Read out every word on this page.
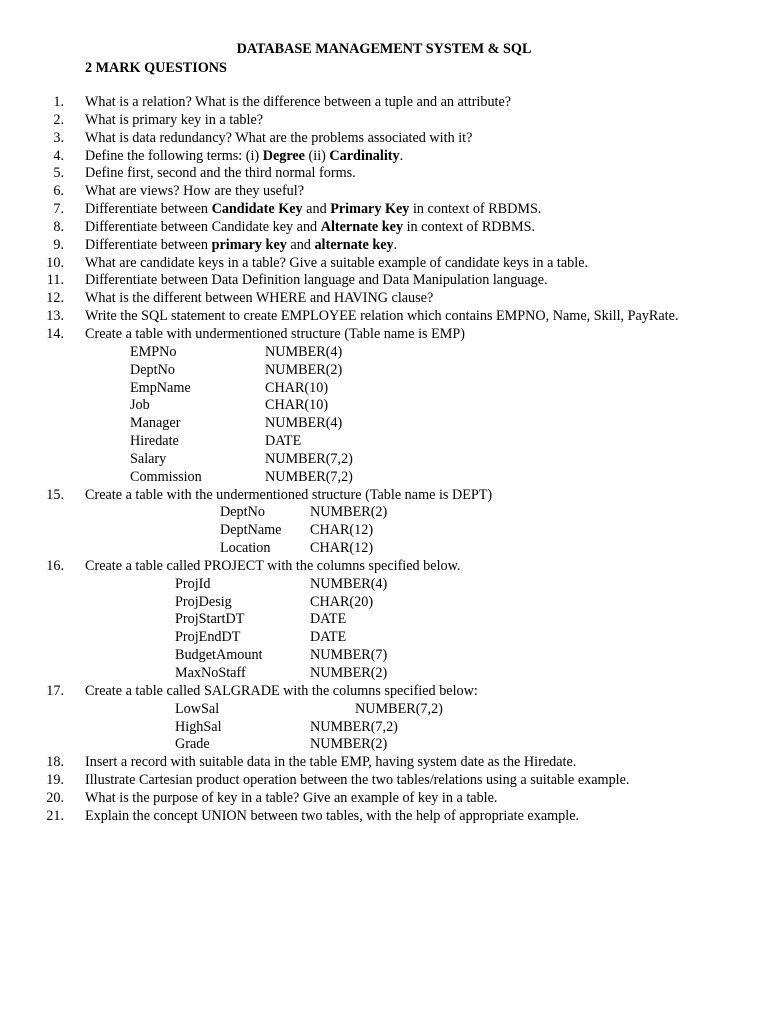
DATABASE MANAGEMENT SYSTEM & SQL
2 MARK QUESTIONS
1. What is a relation? What is the difference between a tuple and an attribute?
2. What is primary key in a table?
3. What is data redundancy? What are the problems associated with it?
4. Define the following terms: (i) Degree (ii) Cardinality.
5. Define first, second and the third normal forms.
6. What are views? How are they useful?
7. Differentiate between Candidate Key and Primary Key in context of RBDMS.
8. Differentiate between Candidate key and Alternate key in context of RDBMS.
9. Differentiate between primary key and alternate key.
10. What are candidate keys in a table? Give a suitable example of candidate keys in a table.
11. Differentiate between Data Definition language and Data Manipulation language.
12. What is the different between WHERE and HAVING clause?
13. Write the SQL statement to create EMPLOYEE relation which contains EMPNO, Name, Skill, PayRate.
14. Create a table with undermentioned structure (Table name is EMP)
EMPNo	NUMBER(4)
DeptNo	NUMBER(2)
EmpName	CHAR(10)
Job	CHAR(10)
Manager	NUMBER(4)
Hiredate	DATE
Salary	NUMBER(7,2)
Commission	NUMBER(7,2)
15. Create a table with the undermentioned structure (Table name is DEPT)
DeptNo	NUMBER(2)
DeptName CHAR(12)
Location	CHAR(12)
16. Create a table called PROJECT with the columns specified below.
ProjId	NUMBER(4)
ProjDesig	CHAR(20)
ProjStartDT	DATE
ProjEndDT	DATE
BudgetAmount	NUMBER(7)
MaxNoStaff	NUMBER(2)
17. Create a table called SALGRADE with the columns specified below:
LowSal	NUMBER(7,2)
HighSal	NUMBER(7,2)
Grade	NUMBER(2)
18. Insert a record with suitable data in the table EMP, having system date as the Hiredate.
19. Illustrate Cartesian product operation between the two tables/relations using a suitable example.
20. What is the purpose of key in a table? Give an example of key in a table.
21. Explain the concept UNION between two tables, with the help of appropriate example.
